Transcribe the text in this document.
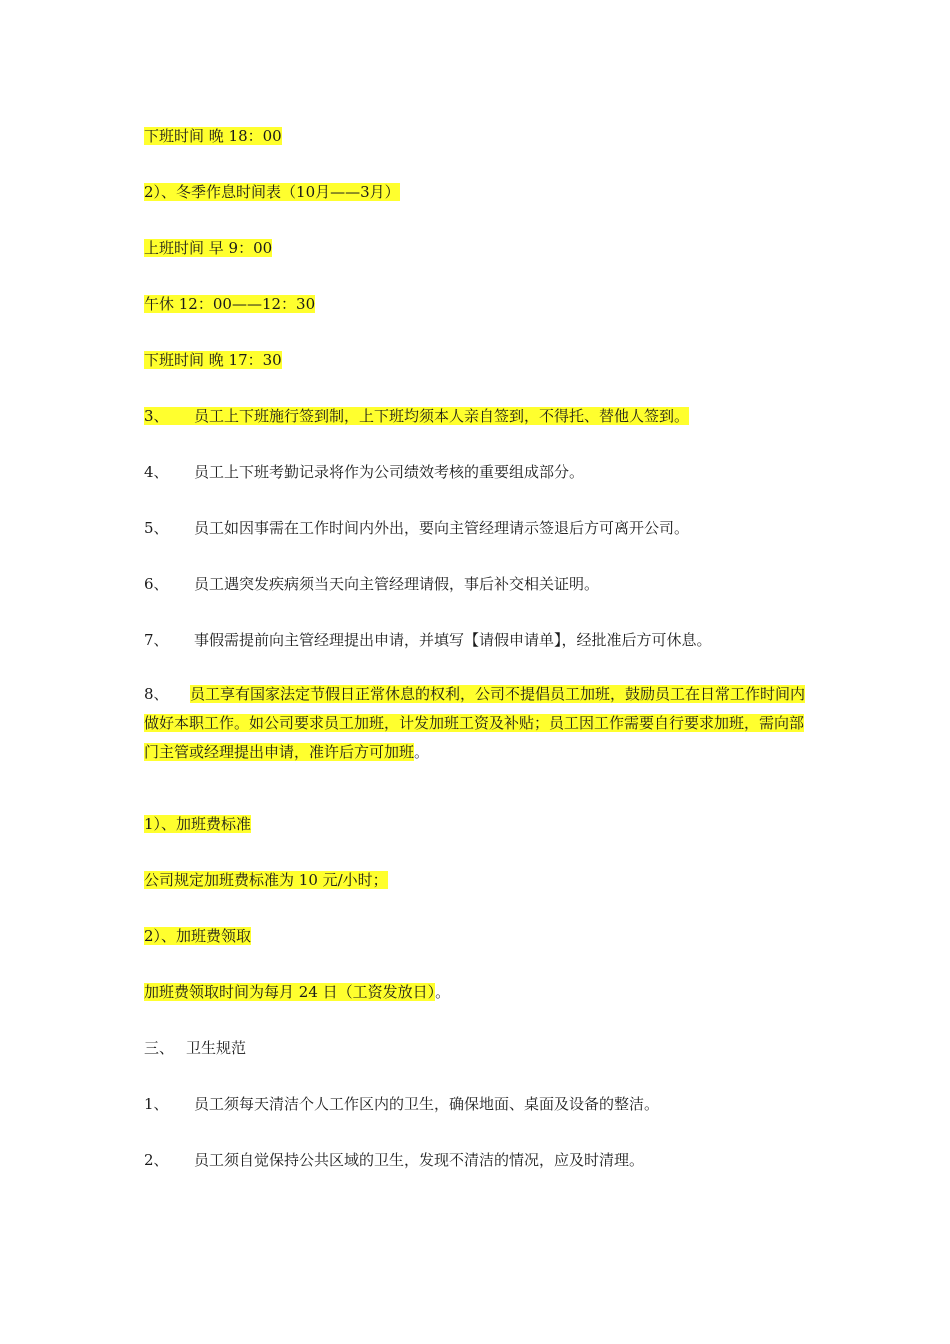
下班时间 晚 18：00
2）、冬季作息时间表（10月——3月）
上班时间 早 9：00
午休 12：00——12：30
下班时间 晚 17：30
3、 员工上下班施行签到制，上下班均须本人亲自签到，不得托、替他人签到。
4、 员工上下班考勤记录将作为公司绩效考核的重要组成部分。
5、 员工如因事需在工作时间内外出，要向主管经理请示签退后方可离开公司。
6、 员工遇突发疾病须当天向主管经理请假，事后补交相关证明。
7、 事假需提前向主管经理提出申请，并填写【请假申请单】，经批准后方可休息。
8、 员工享有国家法定节假日正常休息的权利，公司不提倡员工加班，鼓励员工在日常工作时间内做好本职工作。如公司要求员工加班，计发加班工资及补贴；员工因工作需要自行要求加班，需向部门主管或经理提出申请，准许后方可加班。
1）、加班费标准
公司规定加班费标准为 10 元/小时；
2）、加班费领取
加班费领取时间为每月 24 日（工资发放日）。
三、 卫生规范
1、 员工须每天清洁个人工作区内的卫生，确保地面、桌面及设备的整洁。
2、 员工须自觉保持公共区域的卫生，发现不清洁的情况，应及时清理。
